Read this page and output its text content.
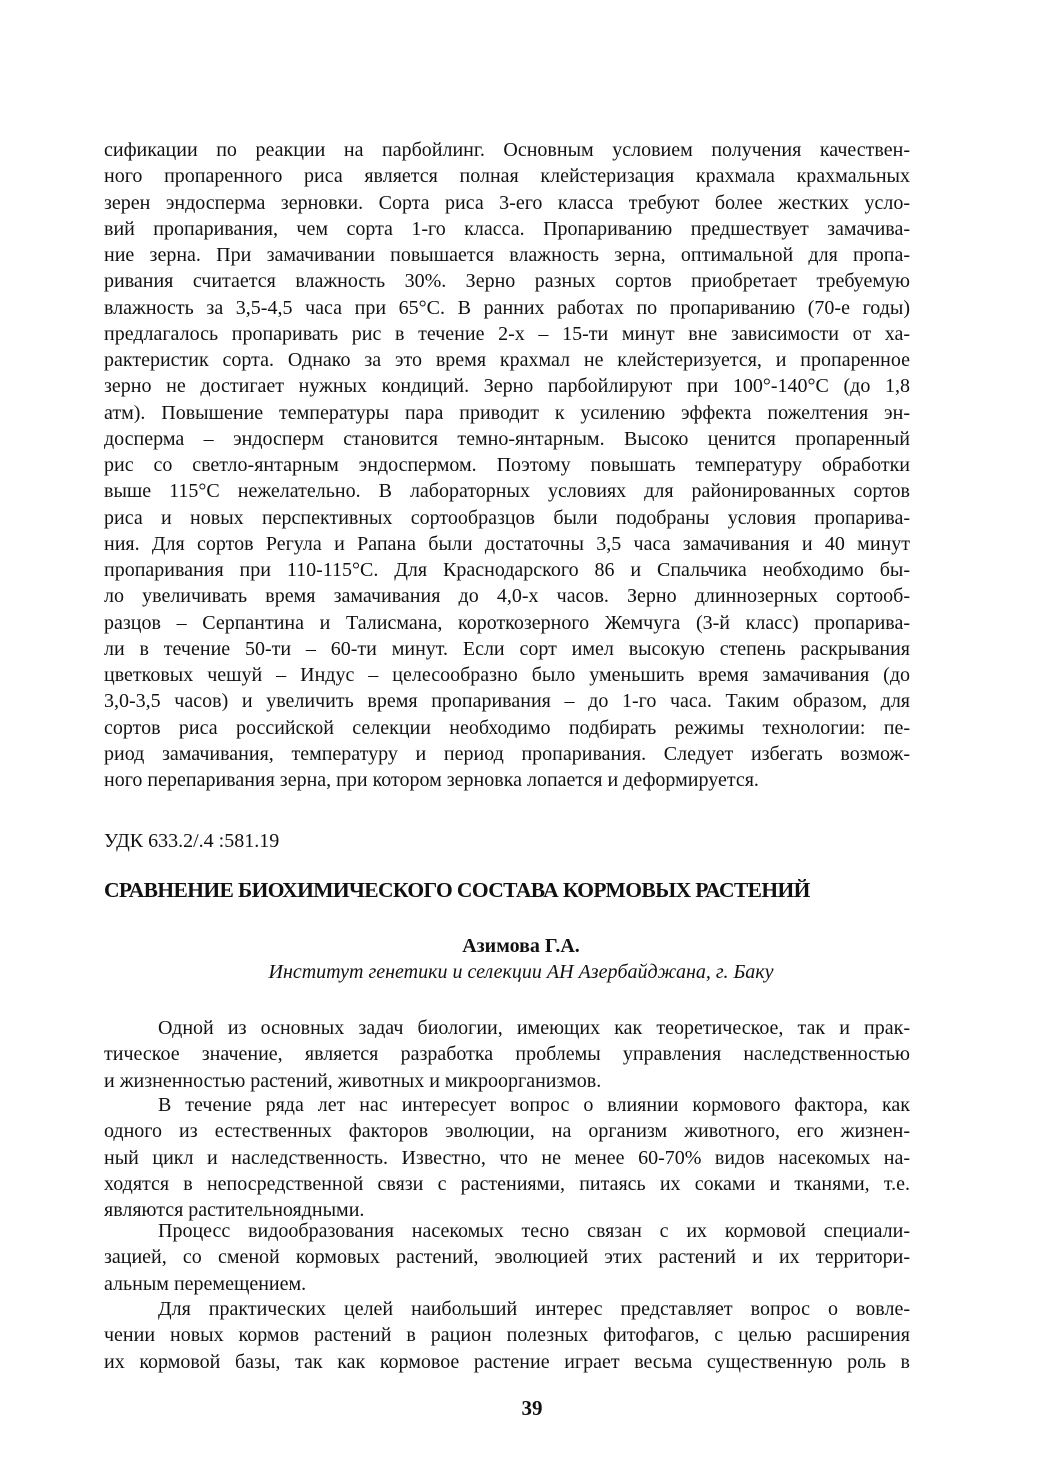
сификации по реакции на парбойлинг. Основным условием получения качествен-
ного пропаренного риса является полная клейстеризация крахмала крахмальных
зерен эндосперма зерновки. Сорта риса 3-его класса требуют более жестких усло-
вий пропаривания, чем сорта 1-го класса. Пропариванию предшествует замачива-
ние зерна. При замачивании повышается влажность зерна, оптимальной для пропа-
ривания считается влажность 30%. Зерно разных сортов приобретает требуемую
влажность за 3,5-4,5 часа при 65°С. В ранних работах по пропариванию (70-е годы)
предлагалось пропаривать рис в течение 2-х – 15-ти минут вне зависимости от ха-
рактеристик сорта. Однако за это время крахмал не клейстеризуется, и пропаренное
зерно не достигает нужных кондиций. Зерно парбойлируют при 100°-140°С (до 1,8
атм). Повышение температуры пара приводит к усилению эффекта пожелтения эн-
досперма – эндосперм становится темно-янтарным. Высоко ценится пропаренный
рис со светло-янтарным эндоспермом. Поэтому повышать температуру обработки
выше 115°С нежелательно. В лабораторных условиях для районированных сортов
риса и новых перспективных сортообразцов были подобраны условия пропарива-
ния. Для сортов Регула и Рапана были достаточны 3,5 часа замачивания и 40 минут
пропаривания при 110-115°С. Для Краснодарского 86 и Спальчика необходимо бы-
ло увеличивать время замачивания до 4,0-х часов. Зерно длиннозерных сортооб-
разцов – Серпантина и Талисмана, короткозерного Жемчуга (3-й класс) пропарива-
ли в течение 50-ти – 60-ти минут. Если сорт имел высокую степень раскрывания
цветковых чешуй – Индус – целесообразно было уменьшить время замачивания (до
3,0-3,5 часов) и увеличить время пропаривания – до 1-го часа. Таким образом, для
сортов риса российской селекции необходимо подбирать режимы технологии: пе-
риод замачивания, температуру и период пропаривания. Следует избегать возмож-
ного перепаривания зерна, при котором зерновка лопается и деформируется.
УДК 633.2/.4 :581.19
СРАВНЕНИЕ БИОХИМИЧЕСКОГО СОСТАВА КОРМОВЫХ РАСТЕНИЙ
Азимова Г.А.
Институт генетики и селекции АН Азербайджана, г. Баку
Одной из основных задач биологии, имеющих как теоретическое, так и прак-
тическое значение, является разработка проблемы управления наследственностью
и жизненностью растений, животных и микроорганизмов.
В течение ряда лет нас интересует вопрос о влиянии кормового фактора, как
одного из естественных факторов эволюции, на организм животного, его жизнен-
ный цикл и наследственность. Известно, что не менее 60-70% видов насекомых на-
ходятся в непосредственной связи с растениями, питаясь их соками и тканями, т.е.
являются растительноядными.
Процесс видообразования насекомых тесно связан с их кормовой специали-
зацией, со сменой кормовых растений, эволюцией этих растений и их территори-
альным перемещением.
Для практических целей наибольший интерес представляет вопрос о вовле-
чении новых кормов растений в рацион полезных фитофагов, с целью расширения
их кормовой базы, так как кормовое растение играет весьма существенную роль в
39
